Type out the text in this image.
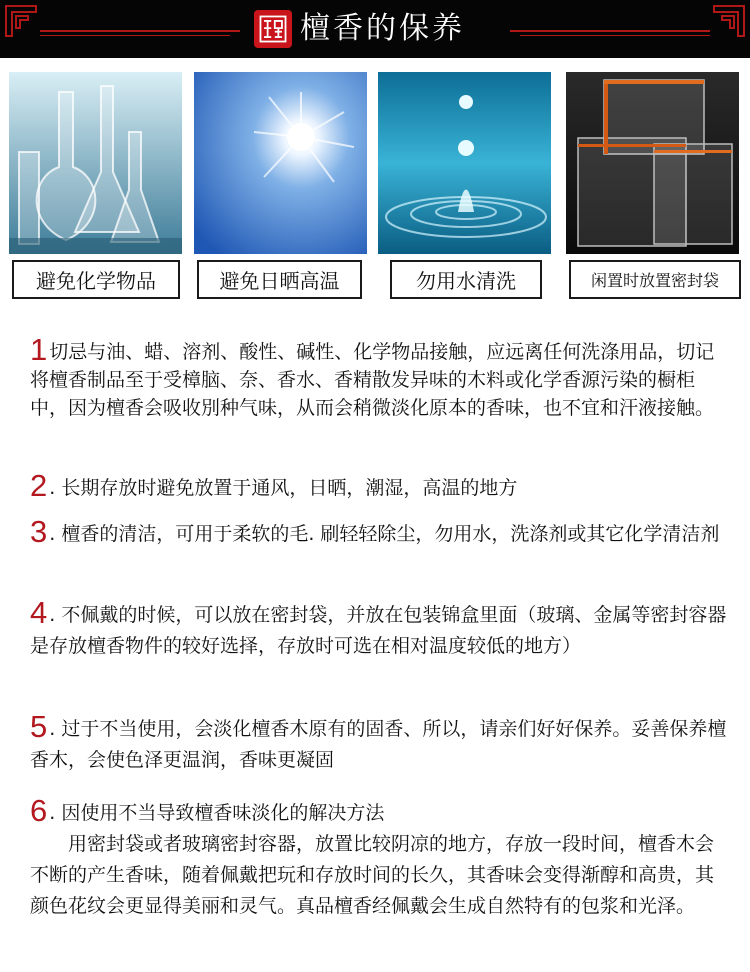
檀香的保养
避免化学物品	避免日晒高温	勿用水清洗	闲置时放置密封袋
1 切忌与油、蜡、溶剂、酸性、碱性、化学物品接触，应远离任何洗涤用品，切记将檀香制品至于受樟脑、奈、香水、香精散发异味的木料或化学香源污染的橱柜中，因为檀香会吸收別种气味，从而会稍微淡化原本的香味，也不宜和汗液接触。
2 . 长期存放时避免放置于通风，日晒，潮湿，高温的地方
3 . 檀香的清洁，可用于柔软的毛. 刷轻轻除尘，勿用水，洗涤剂或其它化学清洁剂
4 . 不佩戴的时候，可以放在密封袋，并放在包装锦盒里面（玻璃、金属等密封容器是存放檀香物件的较好选择，存放时可选在相对温度较低的地方）
5 . 过于不当使用，会淡化檀香木原有的固香、所以，请亲们好好保养。妥善保养檀香木，会使色泽更温润，香味更凝固
6 . 因使用不当导致檀香味淡化的解决方法
用密封袋或者玻璃密封容器，放置比较阴凉的地方，存放一段时间，檀香木会不断的产生香味，随着佩戴把玩和存放时间的长久，其香味会变得渐醇和高贵，其颜色花纹会更显得美丽和灵气。真品檀香经佩戴会生成自然特有的包浆和光泽。
